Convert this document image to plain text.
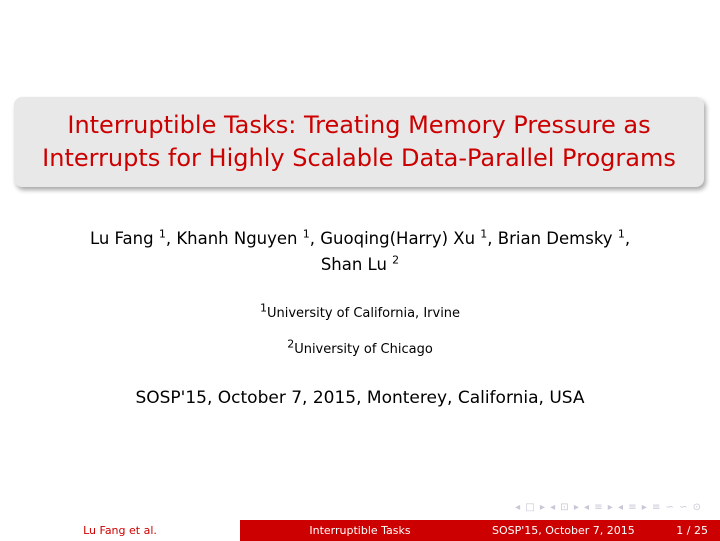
Interruptible Tasks: Treating Memory Pressure as
Interrupts for Highly Scalable Data-Parallel Programs
Lu Fang $^1$, Khanh Nguyen $^1$, Guoqing(Harry) Xu $^1$, Brian Demsky $^1$,
Shan Lu $^2$
$^1$University of California, Irvine
$^2$University of Chicago
SOSP'15, October 7, 2015, Monterey, California, USA
◂ □ ▸ ◂ ⊡ ▸ ◂ ≡ ▸ ◂ ≡ ▸ ≡ ∽ ∽ ⊙
Lu Fang et al.	Interruptible Tasks	SOSP'15, October 7, 2015	1 / 25
